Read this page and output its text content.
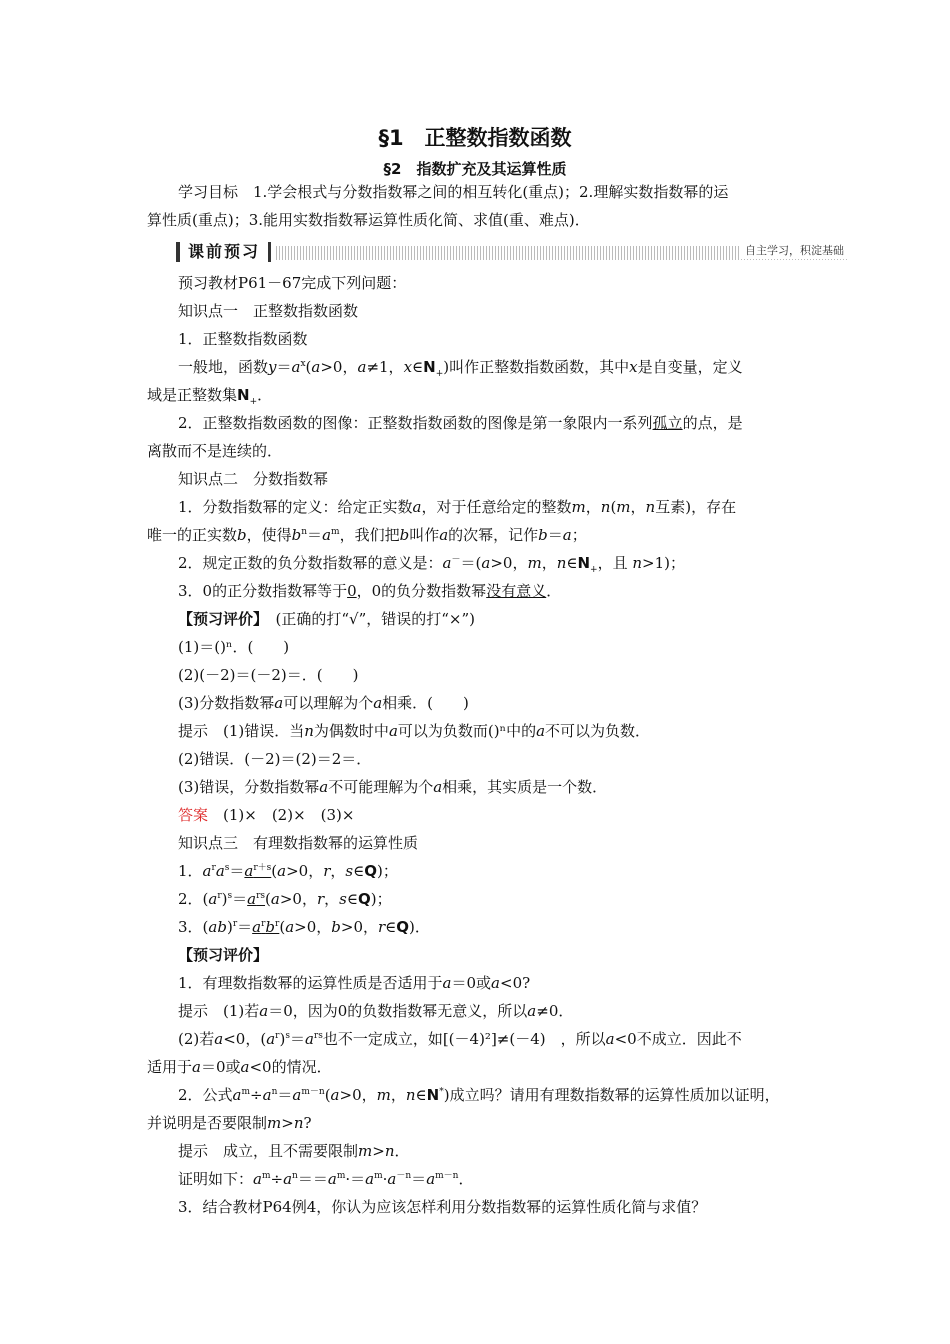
§1　正整数指数函数
§2　指数扩充及其运算性质
学习目标　1.学会根式与分数指数幂之间的相互转化(重点)；2.理解实数指数幂的运
算性质(重点)；3.能用实数指数幂运算性质化简、求值(重、难点)．
课前预习	自主学习，积淀基础
预习教材P61－67完成下列问题：
知识点一　正整数指数函数
1．正整数指数函数
一般地，函数$y=a^x(a>0$，a≠1，$x\in N_+$)叫作正整数指数函数，其中x是自变量，定义
域是正整数集$N_+$．
2．正整数指数函数的图像：正整数指数函数的图像是第一象限内一系列孤立的点，是
离散而不是连续的．
知识点二　分数指数幂
1．分数指数幂的定义：给定正实数a，对于任意给定的整数m，n(m，n互素)，存在
唯一的正实数b，使得$b^n=a^m$，我们把b叫作a的次幂，记作b＝a；
2．规定正数的负分数指数幂的意义是：a－＝(a>0，m，$n\in N_+$，且 n>1)；
3．0的正分数指数幂等于0，0的负分数指数幂没有意义．
【预习评价】　(正确的打“√”，错误的打“×”)
(1)＝()ⁿ．(　　)
(2)(－2)＝(－2)＝．(　　)
(3)分数指数幂a可以理解为个a相乘．(　　)
提示　(1)错误．当n为偶数时中a可以为负数而()ⁿ中的a不可以为负数．
(2)错误．(－2)＝(2)＝2＝．
(3)错误，分数指数幂a不可能理解为个a相乘，其实质是一个数．
答案　(1)×　(2)×　(3)×
知识点三　有理数指数幂的运算性质
1．$a^ra^s=a^{r+s}(a>0$，r，s∈Q)；
2．$(a^r)^s=a^{rs}(a>0$，r，s∈Q)；
3．$(ab)^r=a^rb^r(a>0$，b>0，r∈Q)．
【预习评价】
1．有理数指数幂的运算性质是否适用于a＝0或a<0?
提示　(1)若a＝0，因为0的负数指数幂无意义，所以a≠0．
(2)若a<0，$(a^r)^s=a^{rs}$也不一定成立，如[(－4)²]≠(－4)　，所以a<0不成立．因此不
适用于a＝0或a<0的情况．
2．公式$a^m\div a^n=a^{m-n}(a>0$，m，n∈N*)成立吗？请用有理数指数幂的运算性质加以证明，
并说明是否要限制m>n?
提示　成立，且不需要限制m>n．
证明如下：$a^m\div a^n==a^m\cdot=a^m\cdot a^{-n}=a^{m-n}$．
3．结合教材P64例4，你认为应该怎样利用分数指数幂的运算性质化简与求值？
